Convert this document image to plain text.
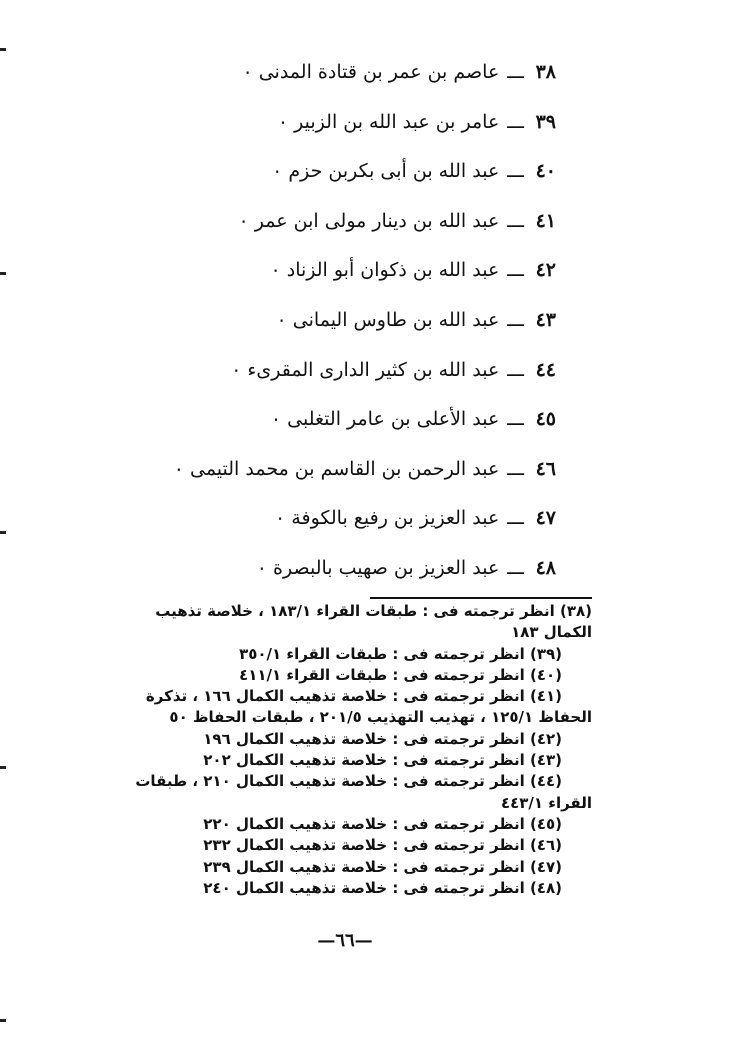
٣٨ـــعاصم بن عمر بن قتادة المدنى ٠
٣٩ـــعامر بن عبد الله بن الزبير ٠
٤٠ـــعبد الله بن أبى بكربن حزم ٠
٤١ـــعبد الله بن دينار مولى ابن عمر ٠
٤٢ـــعبد الله بن ذكوان أبو الزناد ٠
٤٣ـــعبد الله بن طاوس اليمانى ٠
٤٤ـــعبد الله بن كثير الدارى المقرىء ٠
٤٥ـــعبد الأعلى بن عامر التغلبى ٠
٤٦ـــعبد الرحمن بن القاسم بن محمد التيمى ٠
٤٧ـــعبد العزيز بن رفيع بالكوفة ٠
٤٨ـــعبد العزيز بن صهيب بالبصرة ٠
(٣٨) انظر ترجمته فى : طبقات القراء ١٨٣/١ ، خلاصة تذهيب
الكمال ١٨٣
(٣٩) انظر ترجمته فى : طبقات القراء ٣٥٠/١
(٤٠) انظر ترجمته فى : طبقات القراء ٤١١/١
(٤١) انظر ترجمته فى : خلاصة تذهيب الكمال ١٦٦ ، تذكرة
الحفاظ ١٢٥/١ ، تهذيب التهذيب ٢٠١/٥ ، طبقات الحفاظ ٥٠
(٤٢) انظر ترجمته فى : خلاصة تذهيب الكمال ١٩٦
(٤٣) انظر ترجمته فى : خلاصة تذهيب الكمال ٢٠٢
(٤٤) انظر ترجمته فى : خلاصة تذهيب الكمال ٢١٠ ، طبقات
القراء ٤٤٣/١
(٤٥) انظر ترجمته فى : خلاصة تذهيب الكمال ٢٢٠
(٤٦) انظر ترجمته فى : خلاصة تذهيب الكمال ٢٣٢
(٤٧) انظر ترجمته فى : خلاصة تذهيب الكمال ٢٣٩
(٤٨) انظر ترجمته فى : خلاصة تذهيب الكمال ٢٤٠
—٦٦—
